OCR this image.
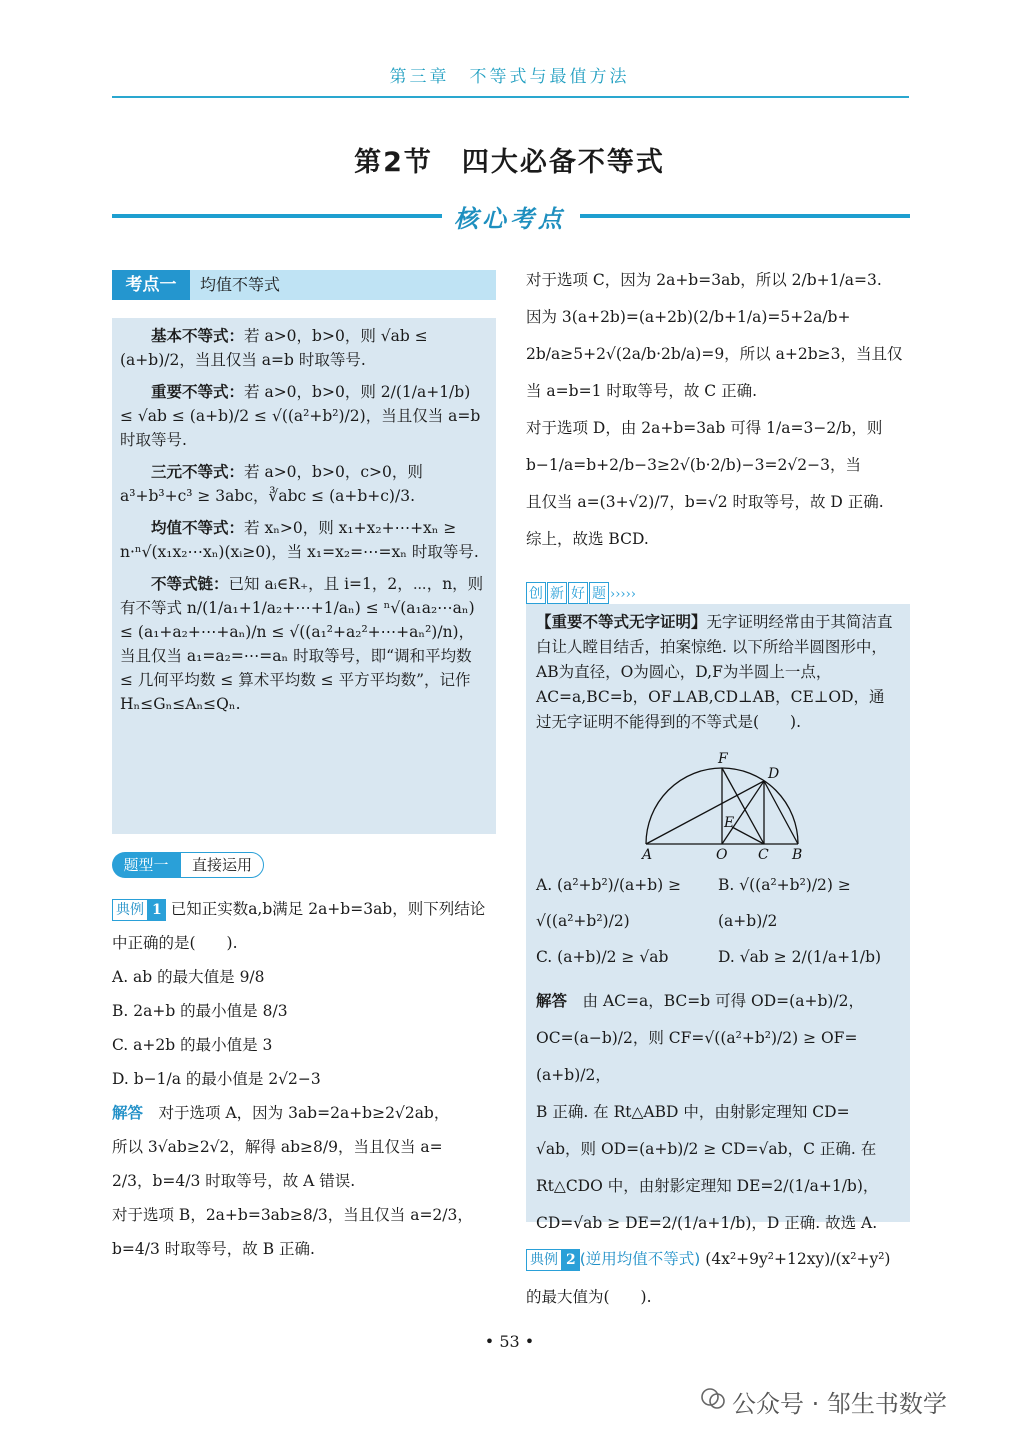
第三章　不等式与最值方法
第2节　四大必备不等式
核心考点
考点一	均值不等式

　　基本不等式：若 a>0，b>0，则 √ab ≤ (a+b)/2，当且仅当 a=b 时取等号.

　　重要不等式：若 a>0，b>0，则 2/(1/a+1/b) ≤ √ab ≤ (a+b)/2 ≤ √((a²+b²)/2)，当且仅当 a=b 时取等号.

　　三元不等式：若 a>0，b>0，c>0，则 a³+b³+c³ ≥ 3abc，∛abc ≤ (a+b+c)/3.

　　均值不等式：若 xₙ>0，则 x₁+x₂+⋯+xₙ ≥ n·ⁿ√(x₁x₂⋯xₙ)(xᵢ≥0)，当 x₁=x₂=⋯=xₙ 时取等号.

　　不等式链：已知 aᵢ∈R₊，且 i=1，2，⋯，n，则有不等式 n/(1/a₁+1/a₂+⋯+1/aₙ) ≤ ⁿ√(a₁a₂⋯aₙ) ≤ (a₁+a₂+⋯+aₙ)/n ≤ √((a₁²+a₂²+⋯+aₙ²)/n)，当且仅当 a₁=a₂=⋯=aₙ 时取等号，即“调和平均数 ≤ 几何平均数 ≤ 算术平均数 ≤ 平方平均数”，记作 Hₙ≤Gₙ≤Aₙ≤Qₙ.

题型一	直接运用
典例 1 已知正实数a,b满足 2a+b=3ab，则下列结论中正确的是(　　).
A. ab 的最大值是 9/8
B. 2a+b 的最小值是 8/3
C. a+2b 的最小值是 3
D. b−1/a 的最小值是 2√2−3
解答　 对于选项 A，因为 3ab=2a+b≥2√2ab，
所以 3√ab≥2√2，解得 ab≥8/9，当且仅当 a=
2/3，b=4/3 时取等号，故 A 错误.
对于选项 B，2a+b=3ab≥8/3，当且仅当 a=2/3，
b=4/3 时取等号，故 B 正确.
对于选项 C，因为 2a+b=3ab，所以 2/b+1/a=3.
因为 3(a+2b)=(a+2b)(2/b+1/a)=5+2a/b+
2b/a≥5+2√(2a/b·2b/a)=9，所以 a+2b≥3，当且仅
当 a=b=1 时取等号，故 C 正确.
对于选项 D，由 2a+b=3ab 可得 1/a=3−2/b，则
b−1/a=b+2/b−3≥2√(b·2/b)−3=2√2−3，当
且仅当 a=(3+√2)/7，b=√2 时取等号，故 D 正确.
综上，故选 BCD.
创 新 好 题 ›››››
【重要不等式无字证明】无字证明经常由于其简洁直白让人瞠目结舌，拍案惊绝. 以下所给半圆图形中，AB为直径，O为圆心，D,F为半圆上一点，AC=a,BC=b，OF⊥AB,CD⊥AB，CE⊥OD，通过无字证明不能得到的不等式是(　　).
F
D
E
A	O C B
A. (a²+b²)/(a+b) ≥ √((a²+b²)/2)
B. √((a²+b²)/2) ≥ (a+b)/2
C. (a+b)/2 ≥ √ab	D. √ab ≥ 2/(1/a+1/b)
解答　 由 AC=a，BC=b 可得 OD=(a+b)/2，
OC=(a−b)/2，则 CF=√((a²+b²)/2) ≥ OF=(a+b)/2，
B 正确. 在 Rt△ABD 中，由射影定理知 CD=
√ab，则 OD=(a+b)/2 ≥ CD=√ab，C 正确. 在
Rt△CDO 中，由射影定理知 DE=2/(1/a+1/b)，
CD=√ab ≥ DE=2/(1/a+1/b)，D 正确. 故选 A.
典例 2 (逆用均值不等式) (4x²+9y²+12xy)/(x²+y²) 的最大值为(　　).
• 53 •
公众号 · 邹生书数学
